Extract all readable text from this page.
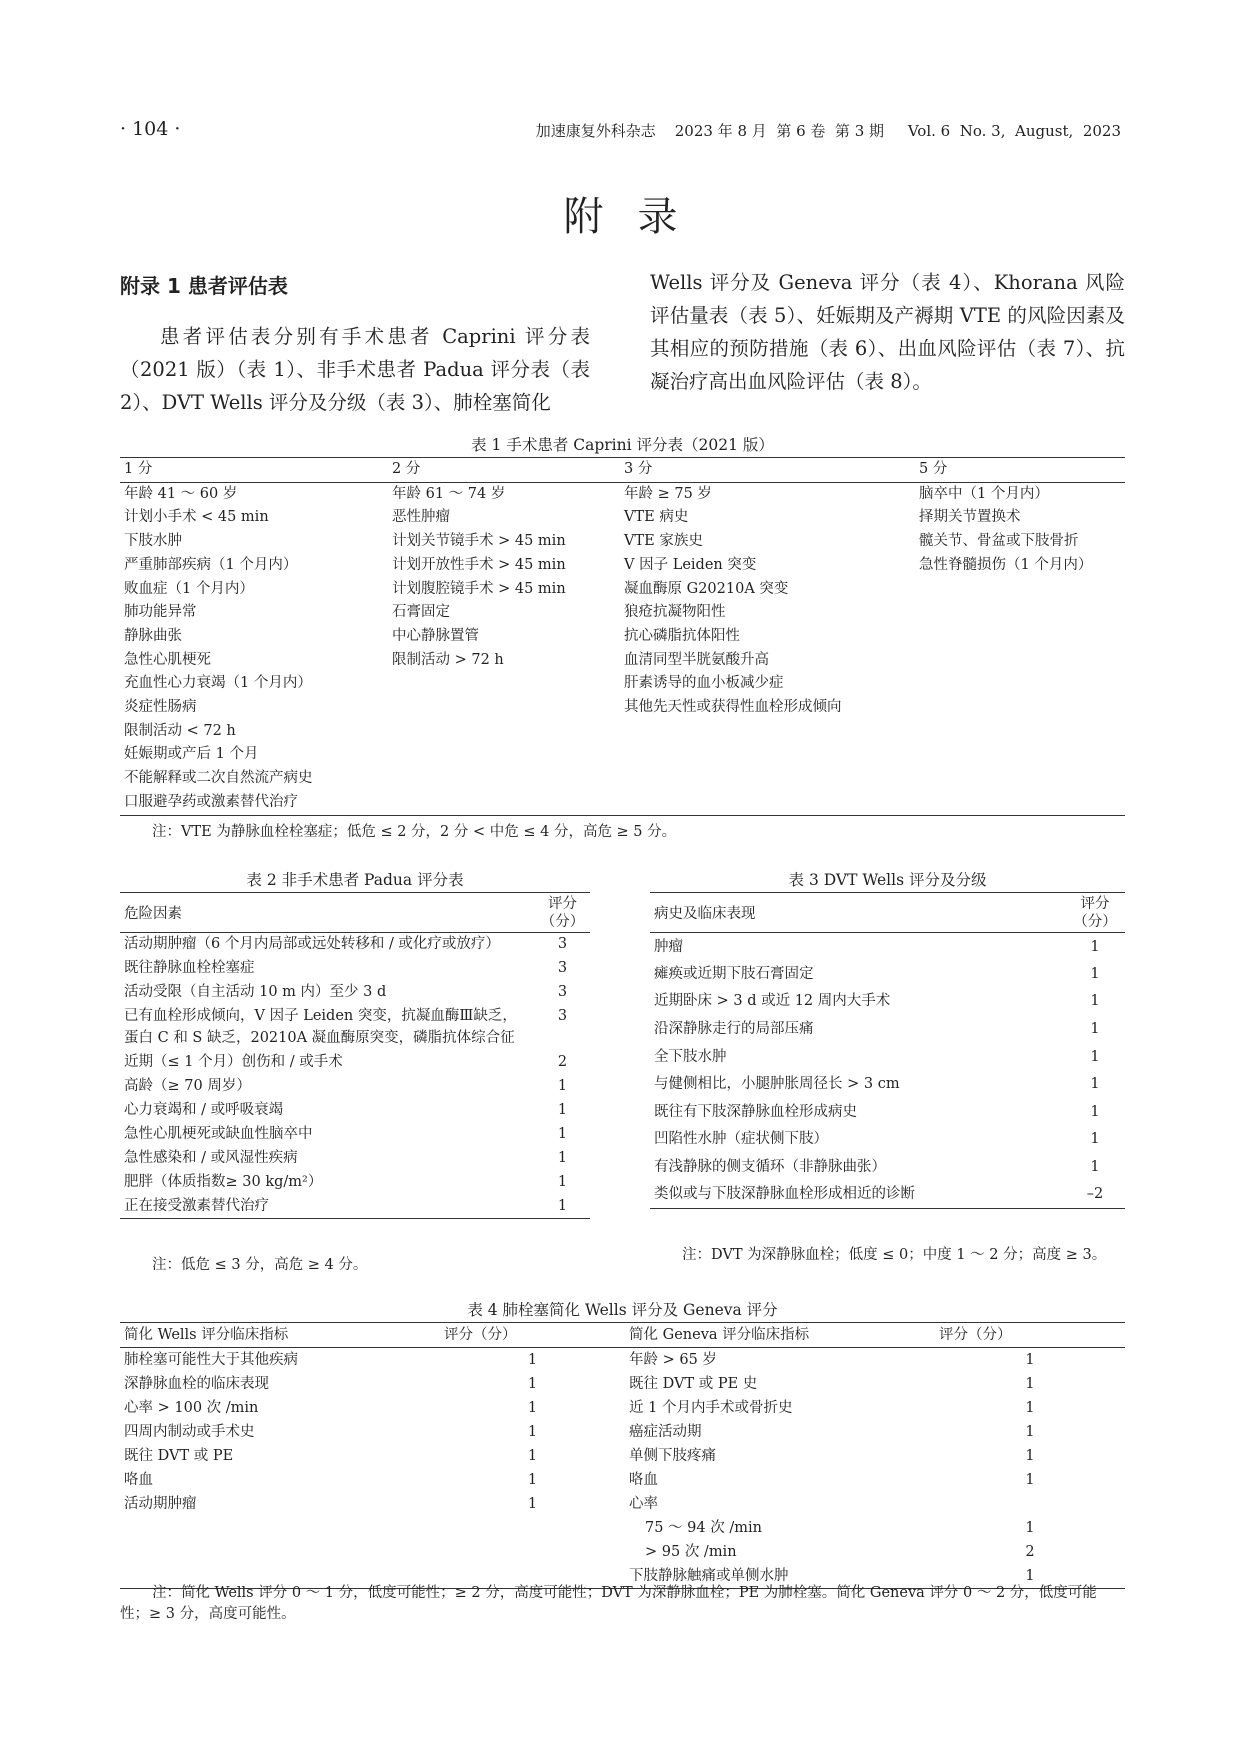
· 104 ·	加速康复外科杂志    2023 年 8 月  第 6 卷  第 3 期     Vol. 6  No. 3,  August,  2023
附录
附录 1 患者评估表
患者评估表分别有手术患者 Caprini 评分表（2021 版）（表 1）、非手术患者 Padua 评分表（表 2）、DVT Wells 评分及分级（表 3）、肺栓塞简化
Wells 评分及 Geneva 评分（表 4）、Khorana 风险评估量表（表 5）、妊娠期及产褥期 VTE 的风险因素及其相应的预防措施（表 6）、出血风险评估（表 7）、抗凝治疗高出血风险评估（表 8）。
表 1 手术患者 Caprini 评分表（2021 版）
1 分	2 分	3 分	5 分
年龄 41 ～ 60 岁	年龄 61 ～ 74 岁	年龄 ≥ 75 岁	脑卒中（1 个月内）
计划小手术 < 45 min	恶性肿瘤	VTE 病史	择期关节置换术
下肢水肿	计划关节镜手术 > 45 min	VTE 家族史	髋关节、骨盆或下肢骨折
严重肺部疾病（1 个月内）	计划开放性手术 > 45 min	V 因子 Leiden 突变	急性脊髓损伤（1 个月内）
败血症（1 个月内）	计划腹腔镜手术 > 45 min	凝血酶原 G20210A 突变	
肺功能异常	石膏固定	狼疮抗凝物阳性	
静脉曲张	中心静脉置管	抗心磷脂抗体阳性	
急性心肌梗死	限制活动 > 72 h	血清同型半胱氨酸升高	
充血性心力衰竭（1 个月内）		肝素诱导的血小板减少症	
炎症性肠病		其他先天性或获得性血栓形成倾向	
限制活动 < 72 h			
妊娠期或产后 1 个月			
不能解释或二次自然流产病史			
口服避孕药或激素替代治疗			
注：VTE 为静脉血栓栓塞症；低危 ≤ 2 分，2 分 < 中危 ≤ 4 分，高危 ≥ 5 分。
表 2 非手术患者 Padua 评分表
危险因素	评分（分）
活动期肿瘤（6 个月内局部或远处转移和 / 或化疗或放疗）	3
既往静脉血栓栓塞症	3
活动受限（自主活动 10 m 内）至少 3 d	3
已有血栓形成倾向，V 因子 Leiden 突变，抗凝血酶Ⅲ缺乏，蛋白 C 和 S 缺乏，20210A 凝血酶原突变，磷脂抗体综合征	3
近期（≤ 1 个月）创伤和 / 或手术	2
高龄（≥ 70 周岁）	1
心力衰竭和 / 或呼吸衰竭	1
急性心肌梗死或缺血性脑卒中	1
急性感染和 / 或风湿性疾病	1
肥胖（体质指数≥ 30 kg/m²）	1
正在接受激素替代治疗	1
注：低危 ≤ 3 分，高危 ≥ 4 分。
表 3 DVT Wells 评分及分级
病史及临床表现	评分（分）
肿瘤	1
瘫痪或近期下肢石膏固定	1
近期卧床 > 3 d 或近 12 周内大手术	1
沿深静脉走行的局部压痛	1
全下肢水肿	1
与健侧相比，小腿肿胀周径长 > 3 cm	1
既往有下肢深静脉血栓形成病史	1
凹陷性水肿（症状侧下肢）	1
有浅静脉的侧支循环（非静脉曲张）	1
类似或与下肢深静脉血栓形成相近的诊断	–2
注：DVT 为深静脉血栓；低度 ≤ 0；中度 1 ～ 2 分；高度 ≥ 3。
表 4 肺栓塞简化 Wells 评分及 Geneva 评分
简化 Wells 评分临床指标	评分（分）	简化 Geneva 评分临床指标	评分（分）
肺栓塞可能性大于其他疾病	1	年龄 > 65 岁	1
深静脉血栓的临床表现	1	既往 DVT 或 PE 史	1
心率 > 100 次 /min	1	近 1 个月内手术或骨折史	1
四周内制动或手术史	1	癌症活动期	1
既往 DVT 或 PE	1	单侧下肢疼痛	1
咯血	1	咯血	1
活动期肿瘤	1	心率	
		75 ～ 94 次 /min	1
		> 95 次 /min	2
		下肢静脉触痛或单侧水肿	1
注：简化 Wells 评分 0 ～ 1 分，低度可能性；≥ 2 分，高度可能性；DVT 为深静脉血栓；PE 为肺栓塞。简化 Geneva 评分 0 ～ 2 分，低度可能性；≥ 3 分，高度可能性。
